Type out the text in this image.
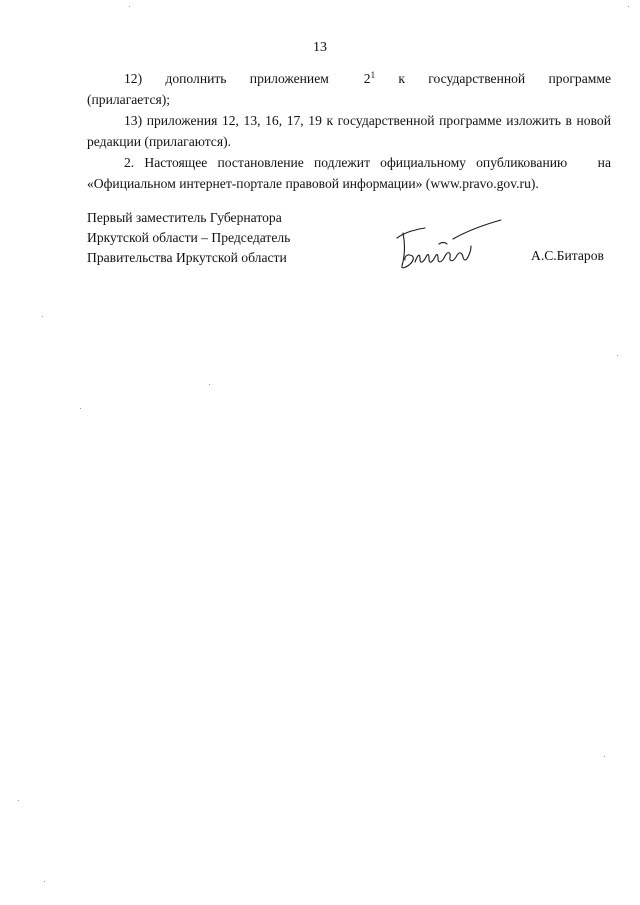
13

12)  дополнить  приложением   $2^1$  к  государственной  программе

(прилагается);

13) приложения 12, 13, 16, 17, 19 к государственной программе изложить в новой редакции (прилагаются).

2. Настоящее постановление подлежит официальному опубликованию   на «Официальном интернет-портале правовой информации» (www.pravo.gov.ru).

Первый заместитель Губернатора
Иркутской области – Председатель
Правительства Иркутской области	А.С.Битаров
